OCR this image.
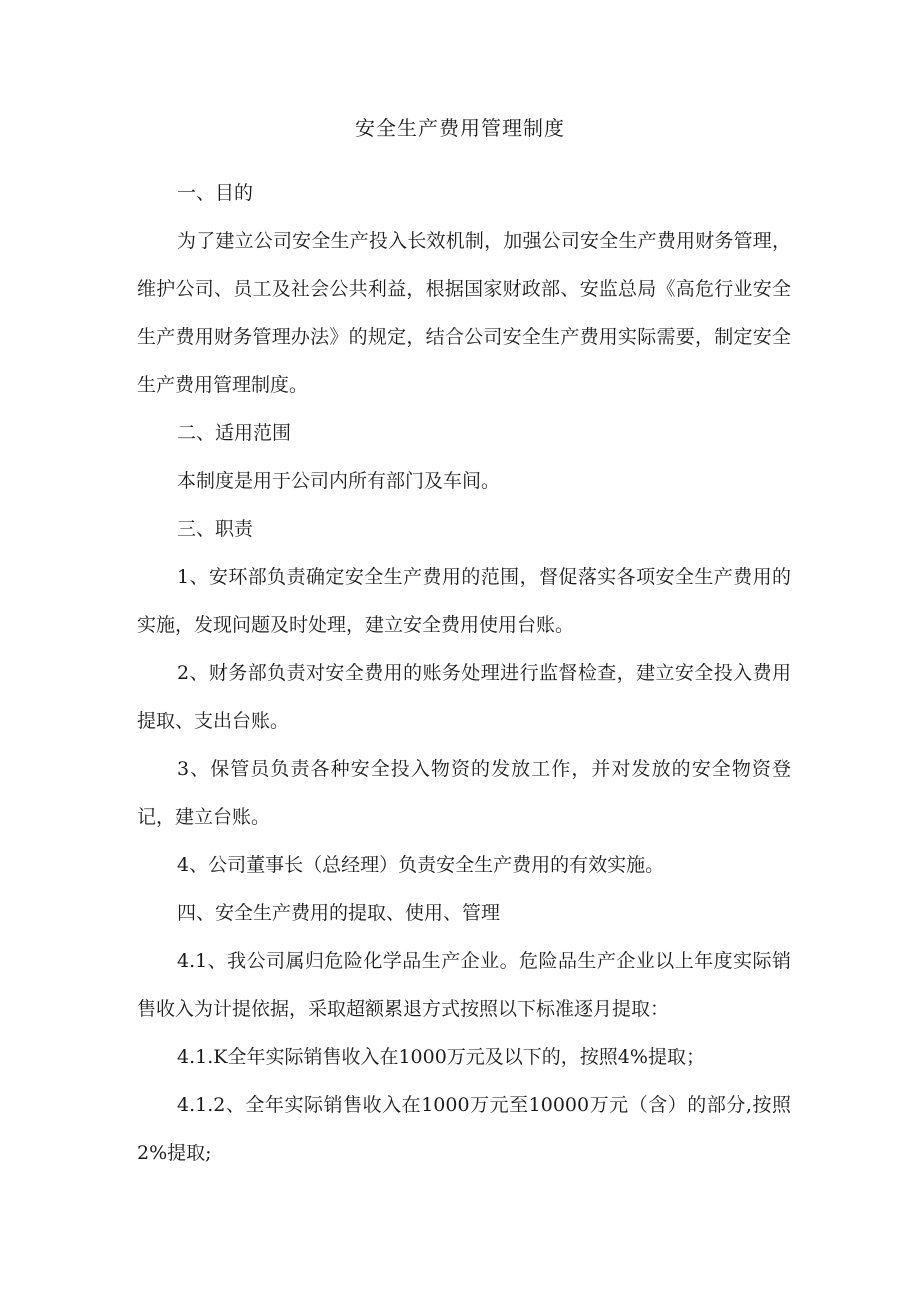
安全生产费用管理制度

一、目的

为了建立公司安全生产投入长效机制，加强公司安全生产费用财务管理，维护公司、员工及社会公共利益，根据国家财政部、安监总局《高危行业安全生产费用财务管理办法》的规定，结合公司安全生产费用实际需要，制定安全生产费用管理制度。

二、适用范围

本制度是用于公司内所有部门及车间。

三、职责

1、安环部负责确定安全生产费用的范围，督促落实各项安全生产费用的实施，发现问题及时处理，建立安全费用使用台账。

2、财务部负责对安全费用的账务处理进行监督检查，建立安全投入费用提取、支出台账。

3、保管员负责各种安全投入物资的发放工作，并对发放的安全物资登记，建立台账。

4、公司董事长（总经理）负责安全生产费用的有效实施。

四、安全生产费用的提取、使用、管理

4.1、我公司属归危险化学品生产企业。危险品生产企业以上年度实际销售收入为计提依据，采取超额累退方式按照以下标准逐月提取：

4.1.K全年实际销售收入在1000万元及以下的，按照4%提取；

4.1.2、全年实际销售收入在1000万元至10000万元（含）的部分,按照2%提取;
